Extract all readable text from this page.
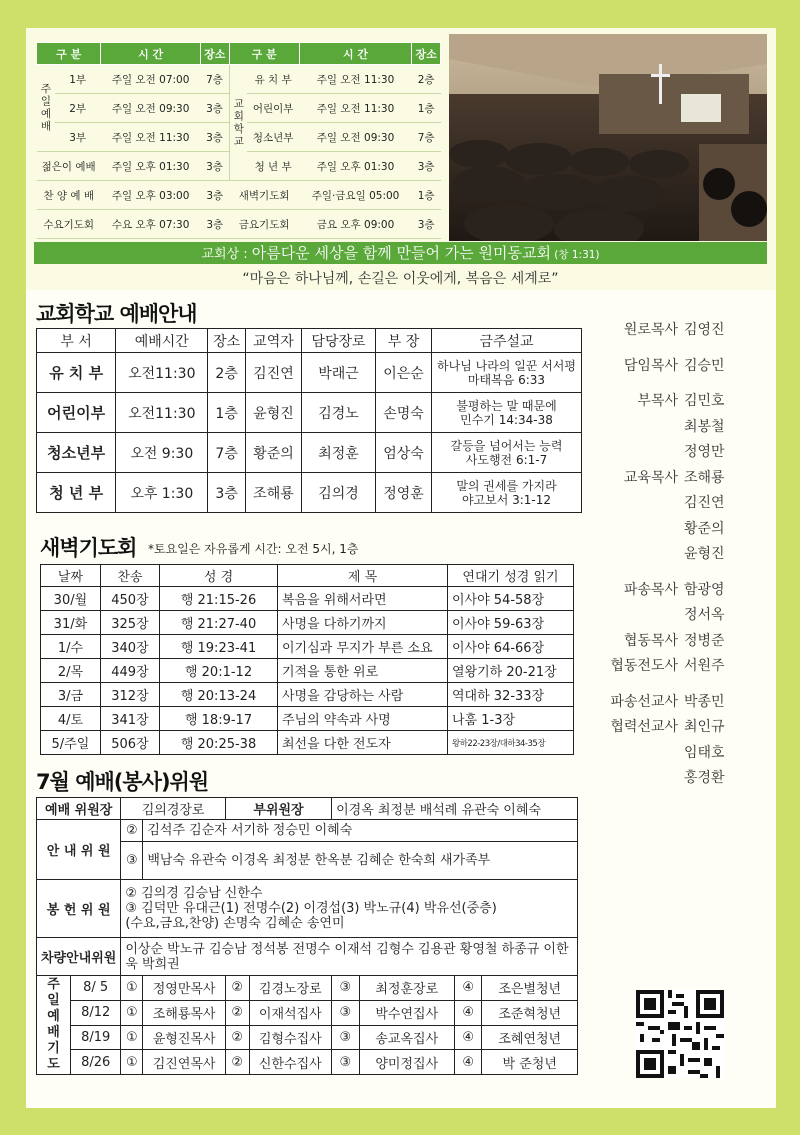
구 분		시 간	장소	구 분		시 간	장소
주일예배	1부	주일 오전 07:00	7층	교회학교	유 치 부	주일 오전 11:30	2층
	2부	주일 오전 09:30	3층		어린이부	주일 오전 11:30	1층
	3부	주일 오전 11:30	3층		청소년부	주일 오전 09:30	7층
젊은이 예배		주일 오후 01:30	3층		청 년 부	주일 오후 01:30	3층
찬 양 예 배		주일 오후 03:00	3층	새벽기도회		주일·금요일 05:00	1층
수요기도회		수요 오후 07:30	3층	금요기도회		금요 오후 09:00	3층
교회상 : 아름다운 세상을 함께 만들어 가는 원미동교회 (창 1:31)
“마음은 하나님께, 손길은 이웃에게, 복음은 세계로”
교회학교 예배안내
부 서	예배시간	장소	교역자	담당장로	부 장	금주설교
유 치 부	오전11:30	2층	김진연	박래근	이은순	하나님 나라의 일꾼 서서평
마태복음 6:33

어린이부	오전11:30	1층	윤형진	김경노	손명숙	불평하는 말 때문에
민수기 14:34-38

청소년부	오전 9:30	7층	황준의	최정훈	엄상숙	갈등을 넘어서는 능력
사도행전 6:1-7

청 년 부	오후 1:30	3층	조해룡	김의경	정영훈	말의 권세를 가지라
야고보서 3:1-12
새벽기도회 *토요일은 자유롭게 시간: 오전 5시, 1층
날짜	찬송	성 경	제 목	연대기 성경 읽기
30/월	450장	행 21:15-26	복음을 위해서라면	이사야 54-58장
31/화	325장	행 21:27-40	사명을 다하기까지	이사야 59-63장
1/수	340장	행 19:23-41	이기심과 무지가 부른 소요	이사야 64-66장
2/목	449장	행 20:1-12	기적을 통한 위로	열왕기하 20-21장
3/금	312장	행 20:13-24	사명을 감당하는 사람	역대하 32-33장
4/토	341장	행 18:9-17	주님의 약속과 사명	나훔 1-3장
5/주일	506장	행 20:25-38	최선을 다한 전도자	왕하22-23장/대하34-35장
7월 예배(봉사)위원
예배 위원장		김의경장로		부위원장		이경옥 최정분 배석례 유관숙 이혜숙			
안 내 위 원		②	김석주 김순자 서기하 정승민 이혜숙						
		③	백남숙 유관숙 이경옥 최정분 한옥분 김혜순 한숙희 새가족부						
봉 헌 위 원		② 김의경 김승남 신한수
③ 김덕만 유대근(1) 전명수(2) 이경섭(3) 박노규(4) 박유선(중층)
(수요,금요,찬양) 손명숙 김혜순 송연미							

차량안내위원		이상순 박노규 김승남 정석봉 전명수 이재석 김형수 김용관 황영철 하종규 이한욱 박희권							
주일 예배 기도	8/ 5	①	정영만목사	②	김경노장로	③	최정훈장로	④	조은별청년
	8/12	①	조해룡목사	②	이재석집사	③	박수연집사	④	조준혁청년
	8/19	①	윤형진목사	②	김형수집사	③	송교옥집사	④	조혜연청년
	8/26	①	김진연목사	②	신한수집사	③	양미정집사	④	박 준청년
원로목사 김영진
담임목사 김승민
부목사 김민호
최봉철
정영만
교육목사 조해룡
김진연
황준의
윤형진
파송목사 함광영
정서옥
협동목사 정병준
협동전도사 서원주
파송선교사 박종민
협력선교사 최인규
임태호
홍경환
